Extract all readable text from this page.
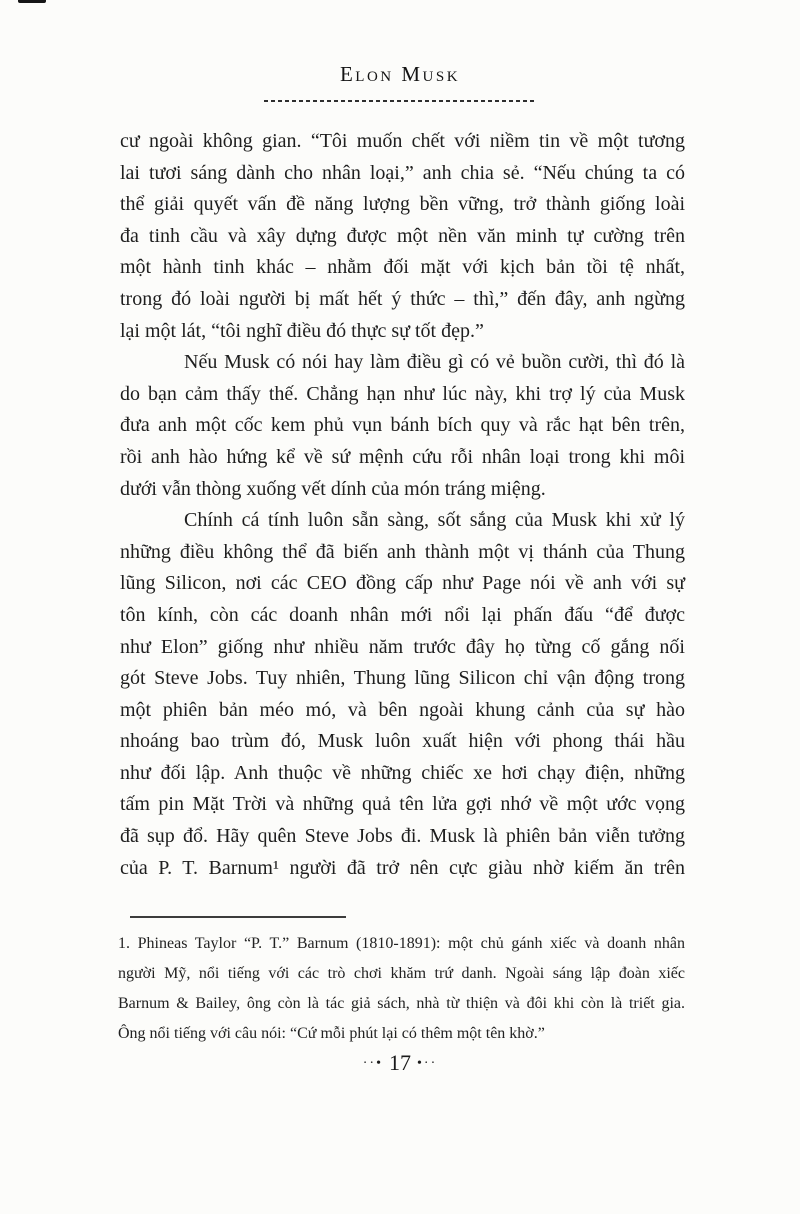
Elon Musk
cư ngoài không gian. “Tôi muốn chết với niềm tin về một tương
lai tươi sáng dành cho nhân loại,” anh chia sẻ. “Nếu chúng ta có
thể giải quyết vấn đề năng lượng bền vững, trở thành giống loài
đa tinh cầu và xây dựng được một nền văn minh tự cường trên
một hành tinh khác – nhằm đối mặt với kịch bản tồi tệ nhất,
trong đó loài người bị mất hết ý thức – thì,” đến đây, anh ngừng
lại một lát, “tôi nghĩ điều đó thực sự tốt đẹp.”
Nếu Musk có nói hay làm điều gì có vẻ buồn cười, thì đó là
do bạn cảm thấy thế. Chẳng hạn như lúc này, khi trợ lý của Musk
đưa anh một cốc kem phủ vụn bánh bích quy và rắc hạt bên trên,
rồi anh hào hứng kể về sứ mệnh cứu rỗi nhân loại trong khi môi
dưới vẫn thòng xuống vết dính của món tráng miệng.
Chính cá tính luôn sẵn sàng, sốt sắng của Musk khi xử lý
những điều không thể đã biến anh thành một vị thánh của Thung
lũng Silicon, nơi các CEO đồng cấp như Page nói về anh với sự
tôn kính, còn các doanh nhân mới nổi lại phấn đấu “để được
như Elon” giống như nhiều năm trước đây họ từng cố gắng nối
gót Steve Jobs. Tuy nhiên, Thung lũng Silicon chỉ vận động trong
một phiên bản méo mó, và bên ngoài khung cảnh của sự hào
nhoáng bao trùm đó, Musk luôn xuất hiện với phong thái hầu
như đối lập. Anh thuộc về những chiếc xe hơi chạy điện, những
tấm pin Mặt Trời và những quả tên lửa gợi nhớ về một ước vọng
đã sụp đổ. Hãy quên Steve Jobs đi. Musk là phiên bản viễn tưởng
của P. T. Barnum¹ người đã trở nên cực giàu nhờ kiếm ăn trên
1. Phineas Taylor “P. T.” Barnum (1810-1891): một chủ gánh xiếc và doanh nhân
người Mỹ, nổi tiếng với các trò chơi khăm trứ danh. Ngoài sáng lập đoàn xiếc
Barnum & Bailey, ông còn là tác giả sách, nhà từ thiện và đôi khi còn là triết gia.
Ông nổi tiếng với câu nói: “Cứ mỗi phút lại có thêm một tên khờ.”
··• 17 •··
